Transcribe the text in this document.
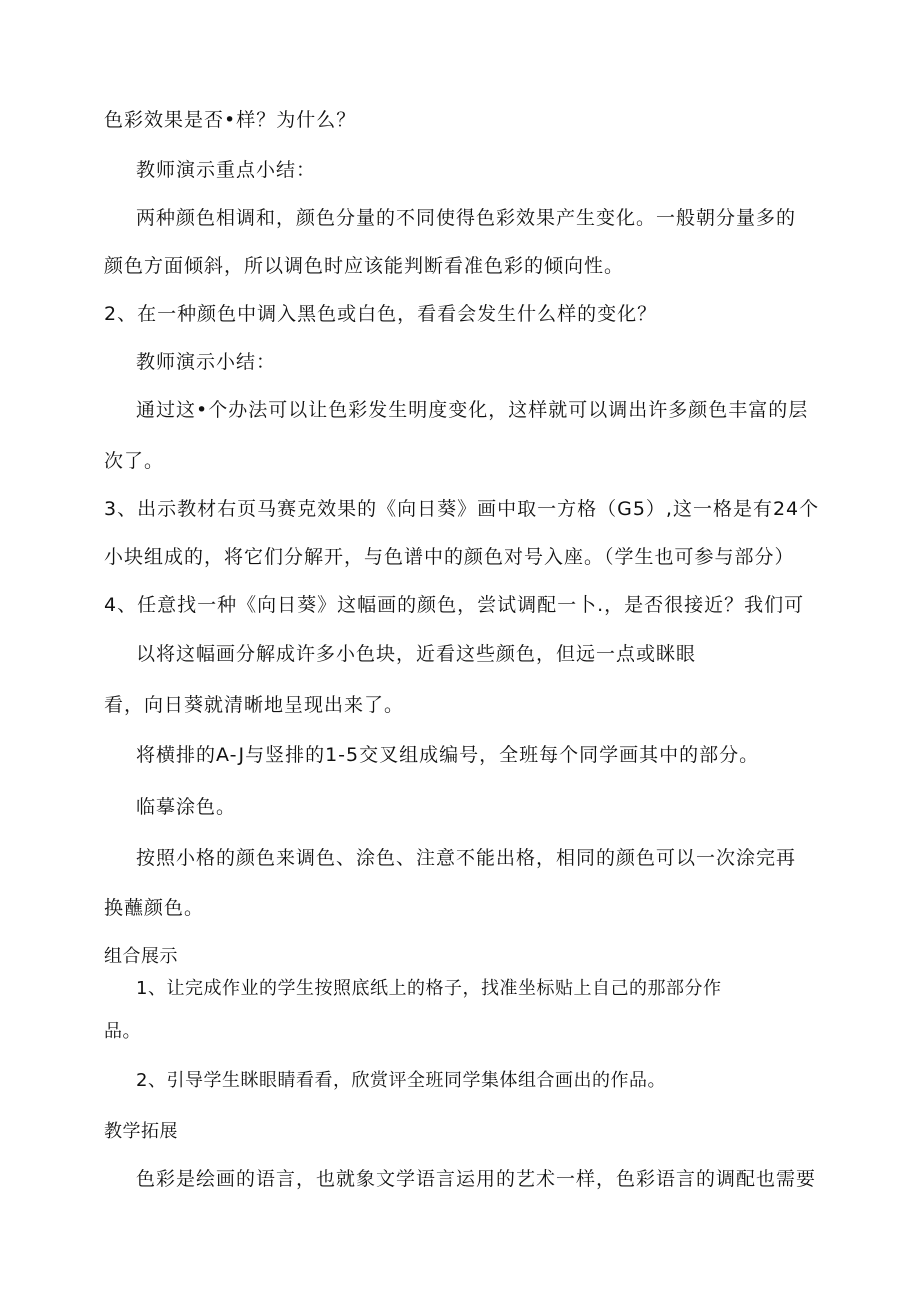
色彩效果是否•样？为什么？
教师演示重点小结：
两种颜色相调和，颜色分量的不同使得色彩效果产生变化。一般朝分量多的
颜色方面倾斜，所以调色时应该能判断看准色彩的倾向性。
2、在一种颜色中调入黑色或白色，看看会发生什么样的变化？
教师演示小结：
通过这•个办法可以让色彩发生明度变化，这样就可以调出许多颜色丰富的层
次了。
3、出示教材右页马赛克效果的《向日葵》画中取一方格（G5）,这一格是有24个
小块组成的，将它们分解开，与色谱中的颜色对号入座。（学生也可参与部分）
4、任意找一种《向日葵》这幅画的颜色，尝试调配一卜.，是否很接近？我们可
以将这幅画分解成许多小色块，近看这些颜色，但远一点或眯眼
看，向日葵就清晰地呈现出来了。
将横排的A-J与竖排的1-5交叉组成编号，全班每个同学画其中的部分。
临摹涂色。
按照小格的颜色来调色、涂色、注意不能出格，相同的颜色可以一次涂完再
换蘸颜色。
组合展示
1、让完成作业的学生按照底纸上的格子，找准坐标贴上自己的那部分作
品。
2、引导学生眯眼睛看看，欣赏评全班同学集体组合画出的作品。
教学拓展
色彩是绘画的语言，也就象文学语言运用的艺术一样，色彩语言的调配也需要
